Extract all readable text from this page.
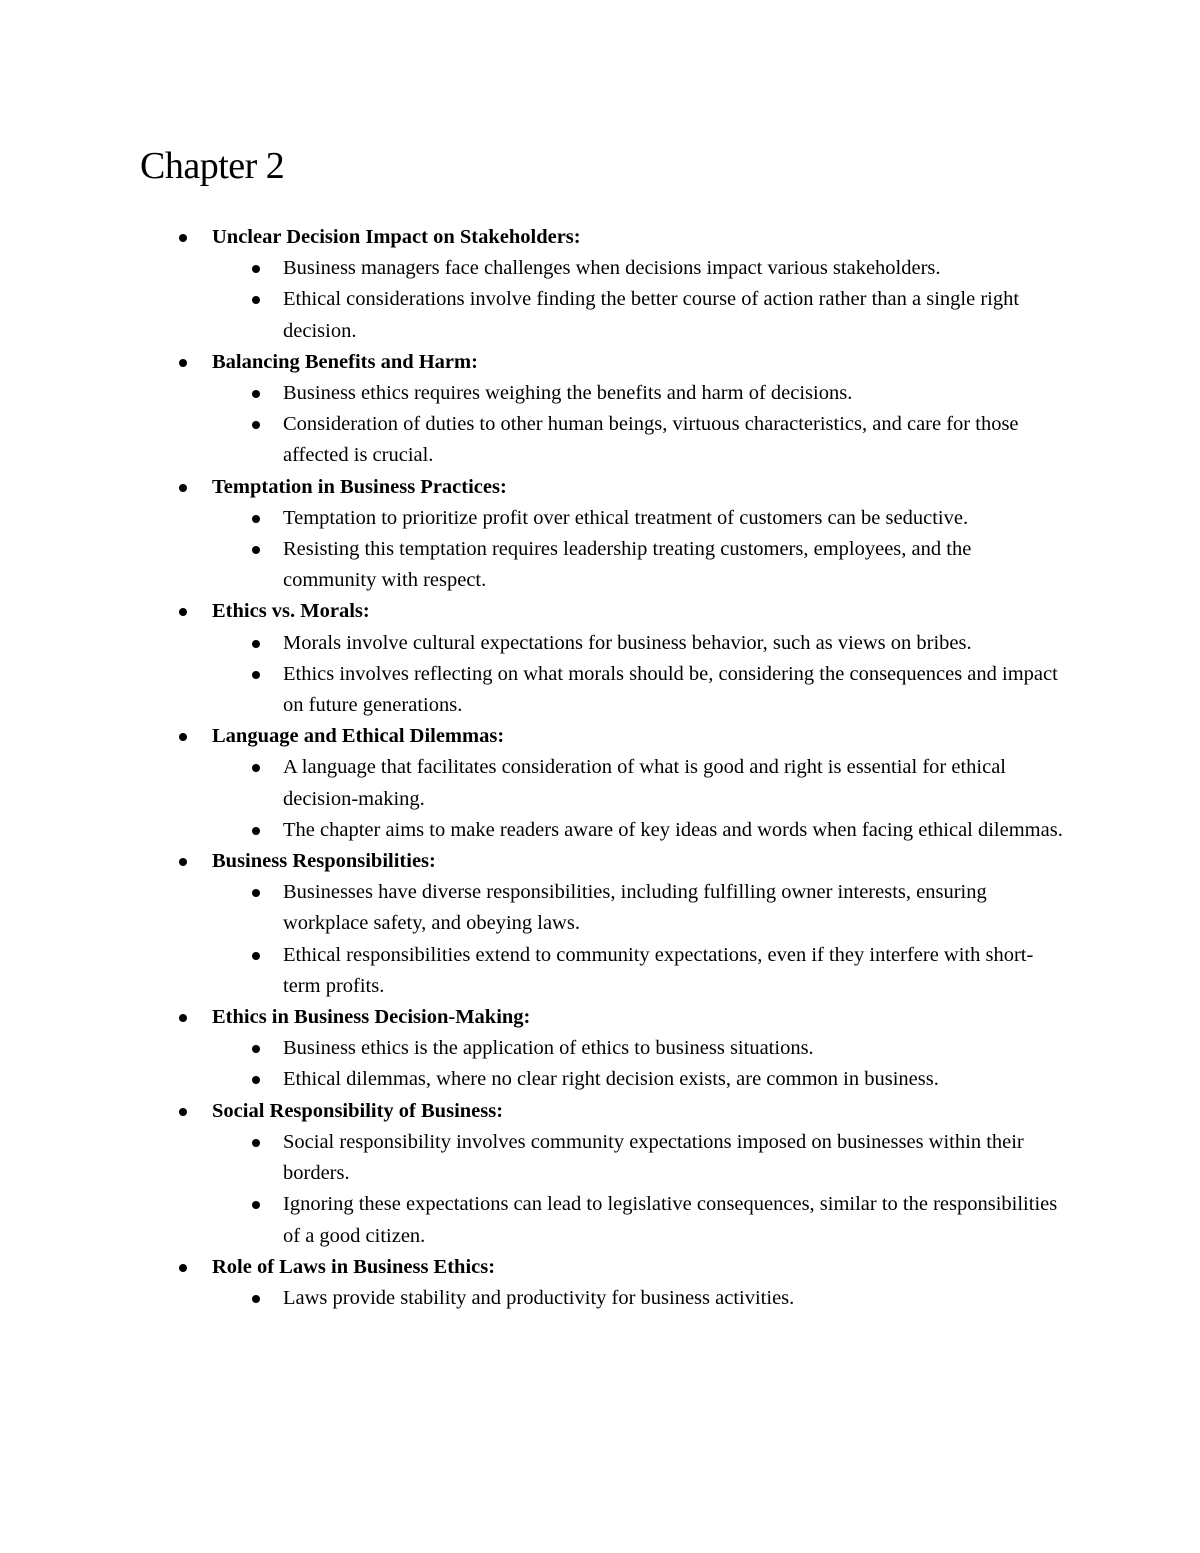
Chapter 2
Unclear Decision Impact on Stakeholders:
Business managers face challenges when decisions impact various stakeholders.
Ethical considerations involve finding the better course of action rather than a single right decision.
Balancing Benefits and Harm:
Business ethics requires weighing the benefits and harm of decisions.
Consideration of duties to other human beings, virtuous characteristics, and care for those affected is crucial.
Temptation in Business Practices:
Temptation to prioritize profit over ethical treatment of customers can be seductive.
Resisting this temptation requires leadership treating customers, employees, and the community with respect.
Ethics vs. Morals:
Morals involve cultural expectations for business behavior, such as views on bribes.
Ethics involves reflecting on what morals should be, considering the consequences and impact on future generations.
Language and Ethical Dilemmas:
A language that facilitates consideration of what is good and right is essential for ethical decision-making.
The chapter aims to make readers aware of key ideas and words when facing ethical dilemmas.
Business Responsibilities:
Businesses have diverse responsibilities, including fulfilling owner interests, ensuring workplace safety, and obeying laws.
Ethical responsibilities extend to community expectations, even if they interfere with short-term profits.
Ethics in Business Decision-Making:
Business ethics is the application of ethics to business situations.
Ethical dilemmas, where no clear right decision exists, are common in business.
Social Responsibility of Business:
Social responsibility involves community expectations imposed on businesses within their borders.
Ignoring these expectations can lead to legislative consequences, similar to the responsibilities of a good citizen.
Role of Laws in Business Ethics:
Laws provide stability and productivity for business activities.
